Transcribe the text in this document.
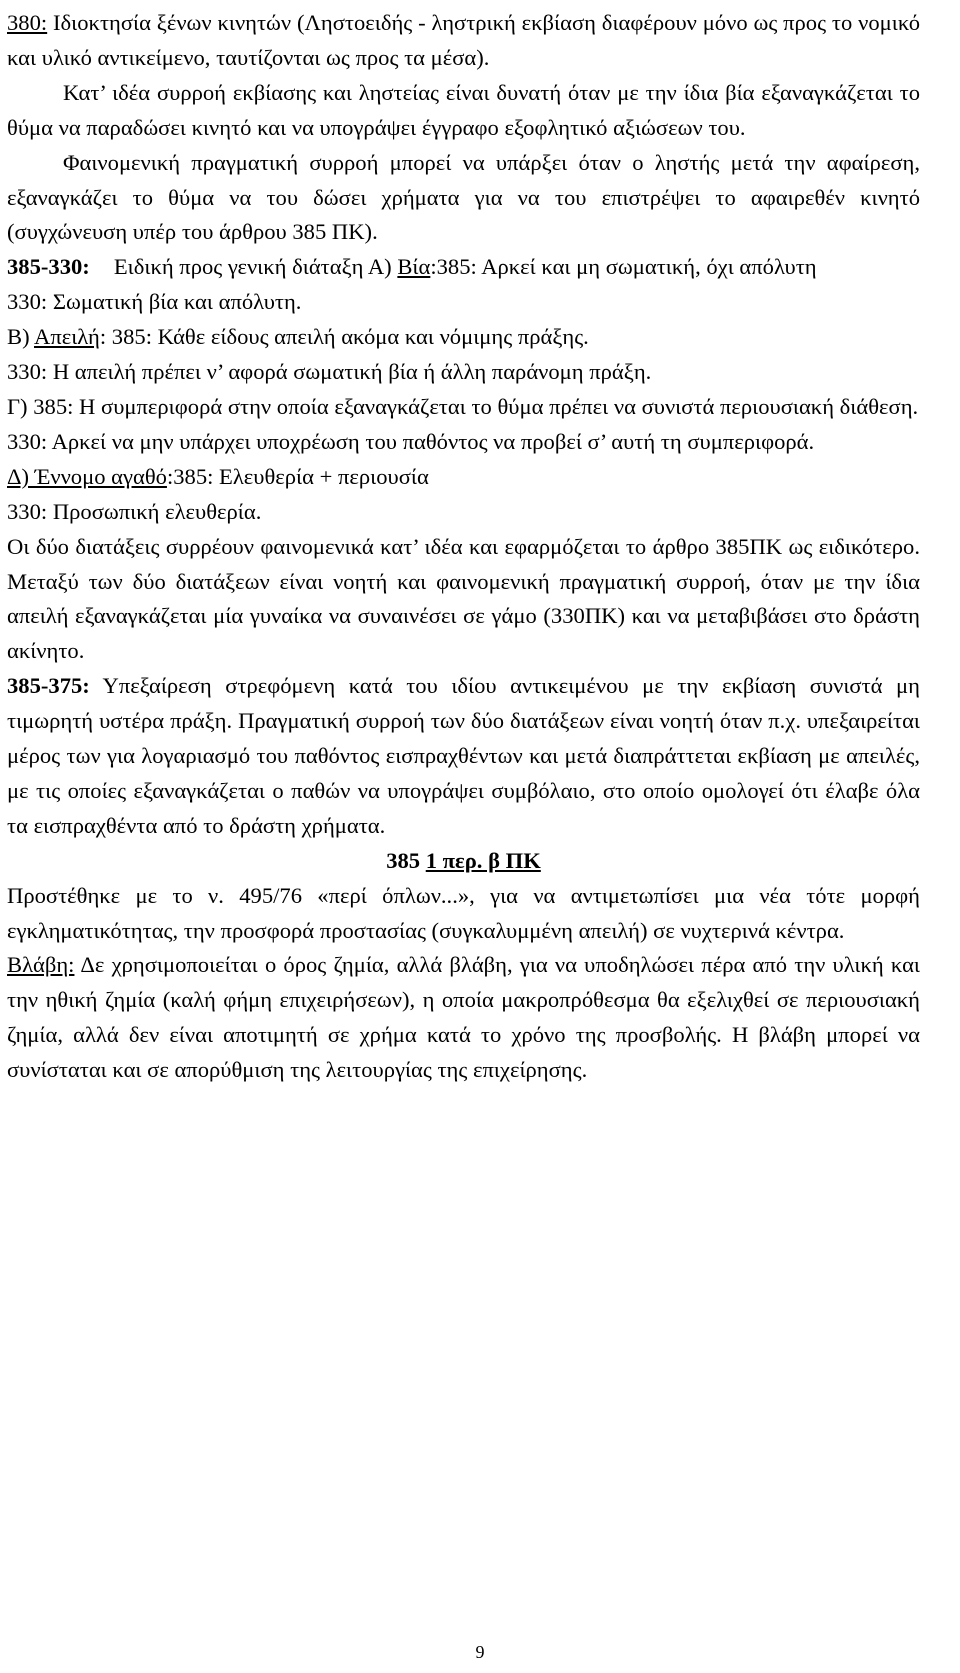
380: Ιδιοκτησία ξένων κινητών (Ληστοειδής - ληστρική εκβίαση διαφέρουν μόνο ως προς το νομικό και υλικό αντικείμενο, ταυτίζονται ως προς τα μέσα).

Κατ’ ιδέα συρροή εκβίασης και ληστείας είναι δυνατή όταν με την ίδια βία εξαναγκάζεται το θύμα να παραδώσει κινητό και να υπογράψει έγγραφο εξοφλητικό αξιώσεων του.

Φαινομενική πραγματική συρροή μπορεί να υπάρξει όταν ο ληστής μετά την αφαίρεση, εξαναγκάζει το θύμα να του δώσει χρήματα για να του επιστρέψει το αφαιρεθέν κινητό (συγχώνευση υπέρ του άρθρου 385 ΠΚ).

385-330: Ειδική προς γενική διάταξη Α) Βία:385: Αρκεί και μη σωματική, όχι απόλυτη

330: Σωματική βία και απόλυτη.

Β) Απειλή: 385: Κάθε είδους απειλή ακόμα και νόμιμης πράξης.

330: Η απειλή πρέπει ν’ αφορά σωματική βία ή άλλη παράνομη πράξη.

Γ) 385: Η συμπεριφορά στην οποία εξαναγκάζεται το θύμα πρέπει να συνιστά περιουσιακή διάθεση.

330: Αρκεί να μην υπάρχει υποχρέωση του παθόντος να προβεί σ’ αυτή τη συμπεριφορά.

Δ) Έννομο αγαθό:385: Ελευθερία + περιουσία

330: Προσωπική ελευθερία.

Οι δύο διατάξεις συρρέουν φαινομενικά κατ’ ιδέα και εφαρμόζεται το άρθρο 385ΠΚ ως ειδικότερο. Μεταξύ των δύο διατάξεων είναι νοητή και φαινομενική πραγματική συρροή, όταν με την ίδια απειλή εξαναγκάζεται μία γυναίκα να συναινέσει σε γάμο (330ΠΚ) και να μεταβιβάσει στο δράστη ακίνητο.

385-375: Υπεξαίρεση στρεφόμενη κατά του ιδίου αντικειμένου με την εκβίαση συνιστά μη τιμωρητή υστέρα πράξη. Πραγματική συρροή των δύο διατάξεων είναι νοητή όταν π.χ. υπεξαιρείται μέρος των για λογαριασμό του παθόντος εισπραχθέντων και μετά διαπράττεται εκβίαση με απειλές, με τις οποίες εξαναγκάζεται ο παθών να υπογράψει συμβόλαιο, στο οποίο ομολογεί ότι έλαβε όλα τα εισπραχθέντα από το δράστη χρήματα.

385 1 περ. β ΠΚ

Προστέθηκε με το ν. 495/76 «περί όπλων...», για να αντιμετωπίσει μια νέα τότε μορφή εγκληματικότητας, την προσφορά προστασίας (συγκαλυμμένη απειλή) σε νυχτερινά κέντρα.

Βλάβη: Δε χρησιμοποιείται ο όρος ζημία, αλλά βλάβη, για να υποδηλώσει πέρα από την υλική και την ηθική ζημία (καλή φήμη επιχειρήσεων), η οποία μακροπρόθεσμα θα εξελιχθεί σε περιουσιακή ζημία, αλλά δεν είναι αποτιμητή σε χρήμα κατά το χρόνο της προσβολής. Η βλάβη μπορεί να συνίσταται και σε απορύθμιση της λειτουργίας της επιχείρησης.

9
